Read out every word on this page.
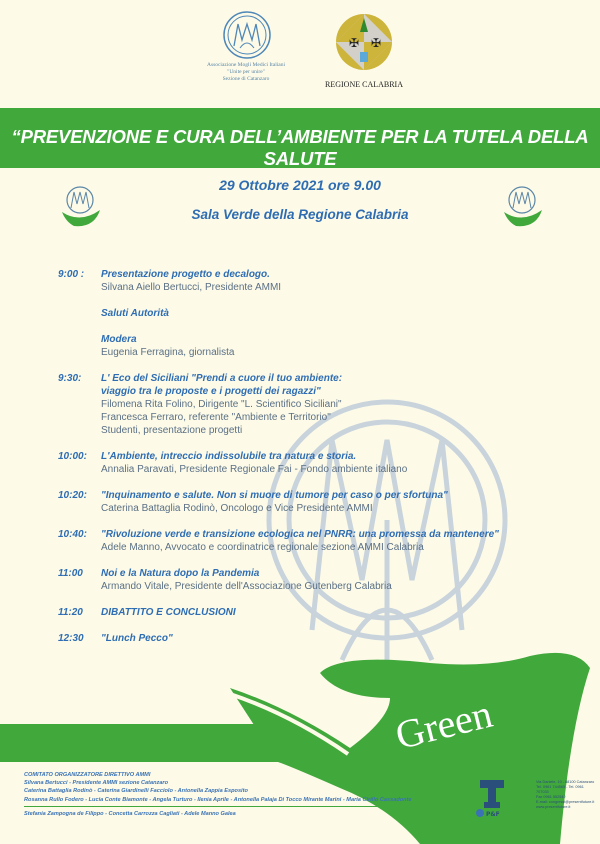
Associazione Mogli Medici Italiani
"Unite per unire"
Sezione di Catanzaro
✠ ✠
REGIONE CALABRIA
“PREVENZIONE E CURA DELL’AMBIENTE PER LA TUTELA DELLA SALUTE
29 Ottobre 2021 ore 9.00
Sala Verde della Regione Calabria
Green
9:00 :	Presentazione progetto e decalogo.
Silvana Aiello Bertucci, Presidente AMMI
Saluti Autorità
Modera
Eugenia Ferragina, giornalista
9:30:	L' Eco del Siciliani "Prendi a cuore il tuo ambiente:
viaggio tra le proposte e i progetti dei ragazzi"
Filomena Rita Folino, Dirigente "L. Scientifico Siciliani"
Francesca Ferraro, referente "Ambiente e Territorio"
Studenti, presentazione progetti
10:00:	L'Ambiente, intreccio indissolubile tra natura e storia.
Annalia Paravati, Presidente Regionale Fai - Fondo ambiente italiano
10:20:	"Inquinamento e salute. Non si muore di tumore per caso o per sfortuna"
Caterina Battaglia Rodinò, Oncologo e Vice Presidente AMMI
10:40:	"Rivoluzione verde e transizione ecologica nel PNRR: una promessa da mantenere"
Adele Manno, Avvocato e coordinatrice regionale sezione AMMI Calabria
11:00	Noi e la Natura dopo la Pandemia
Armando Vitale, Presidente dell'Associazione Gutenberg Calabria
11:20	DIBATTITO E CONCLUSIONI
12:30	"Lunch Pecco"
COMITATO ORGANIZZATORE DIRETTIVO AMMI
Silvana Bertucci - Presidente AMMI sezione Catanzaro
Caterina Battaglia Rodinò - Caterina Giardinelli Facciolo - Antonella Zappia Esposito
Rosanna Rullo Fodero - Lucia Conte Biamonte - Angela Turturo - Ilenia Aprile - Antonella Palaja Di Tocco Mirante Marini - Maria Cirillo Cassadonte
Stefania Zampogna de Filippo - Concetta Carrozza Cagliati - Adele Manno Galea	P&F
Via Daniele, 10 - 88100 Catanzaro
Tel. 0961 744565 - Tel. 0961 707033
Fax 0961 552542
E-mail: congressi@presentfuture.it
www.presentfuture.it
